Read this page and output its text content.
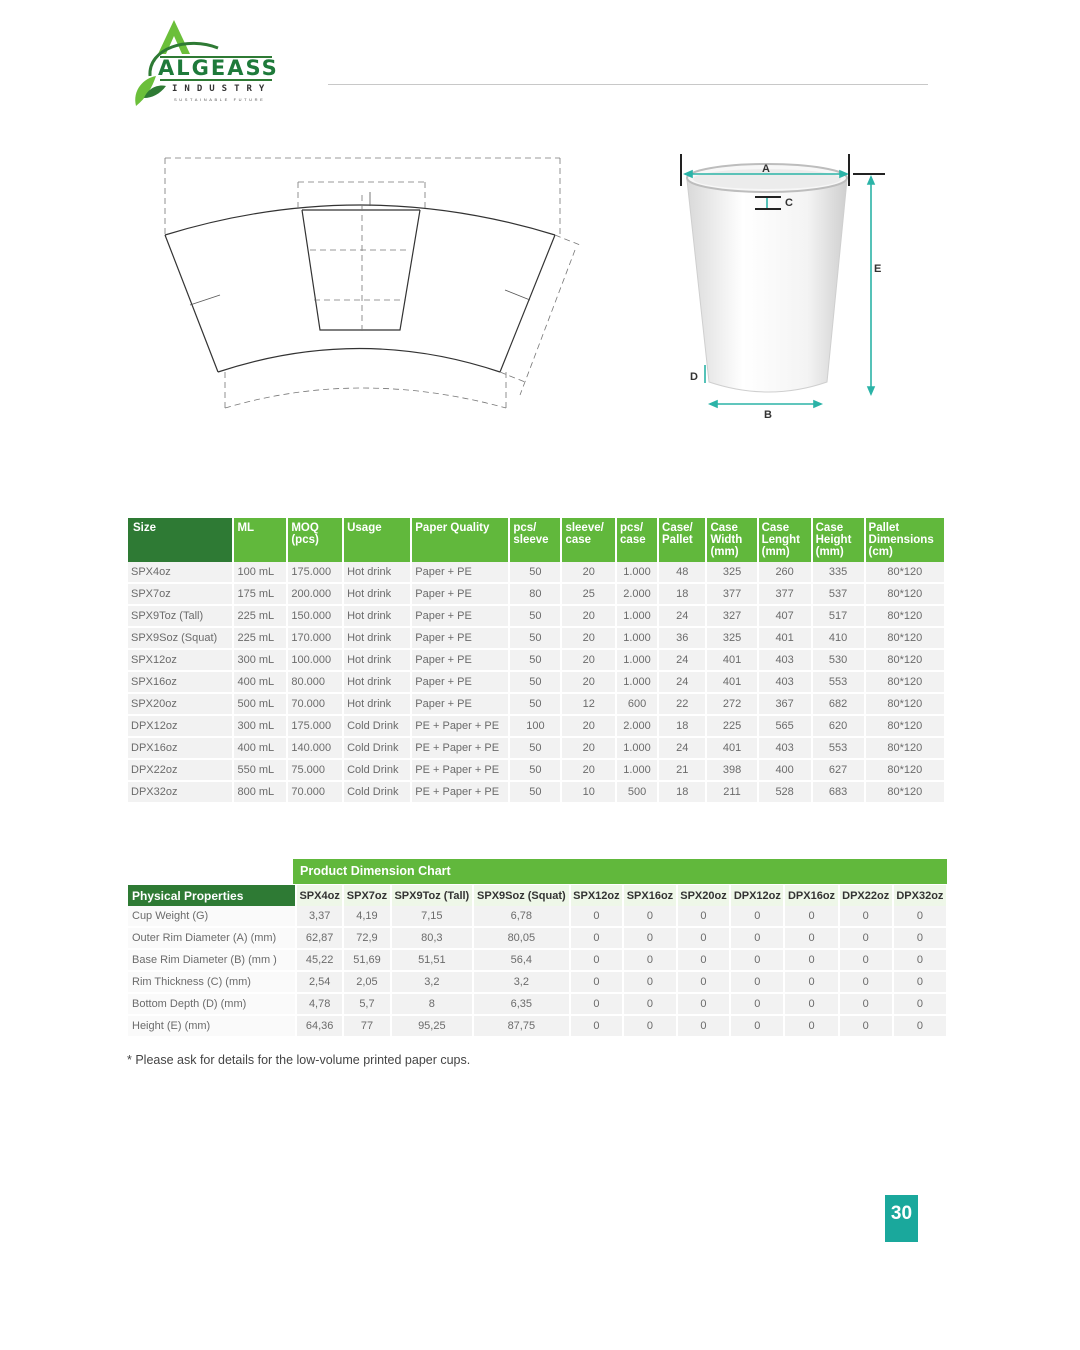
ALGEASS
INDUSTRY
SUSTAINABLE FUTURE
A
C
E
D
B
Size	ML	MOQ (pcs)	Usage	Paper Quality	pcs/ sleeve	sleeve/ case	pcs/ case	Case/ Pallet	Case Width (mm)	Case Lenght (mm)	Case Height (mm)	Pallet Dimensions (cm)
SPX4oz	100 mL	175.000	Hot drink	Paper + PE	50	20	1.000	48	325	260	335	80*120
SPX7oz	175 mL	200.000	Hot drink	Paper + PE	80	25	2.000	18	377	377	537	80*120
SPX9Toz (Tall)	225 mL	150.000	Hot drink	Paper + PE	50	20	1.000	24	327	407	517	80*120
SPX9Soz (Squat)	225 mL	170.000	Hot drink	Paper + PE	50	20	1.000	36	325	401	410	80*120
SPX12oz	300 mL	100.000	Hot drink	Paper + PE	50	20	1.000	24	401	403	530	80*120
SPX16oz	400 mL	80.000	Hot drink	Paper + PE	50	20	1.000	24	401	403	553	80*120
SPX20oz	500 mL	70.000	Hot drink	Paper + PE	50	12	600	22	272	367	682	80*120
DPX12oz	300 mL	175.000	Cold Drink	PE + Paper + PE	100	20	2.000	18	225	565	620	80*120
DPX16oz	400 mL	140.000	Cold Drink	PE + Paper + PE	50	20	1.000	24	401	403	553	80*120
DPX22oz	550 mL	75.000	Cold Drink	PE + Paper + PE	50	20	1.000	21	398	400	627	80*120
DPX32oz	800 mL	70.000	Cold Drink	PE + Paper + PE	50	10	500	18	211	528	683	80*120
Product Dimension Chart
Physical Properties	SPX4oz	SPX7oz	SPX9Toz (Tall)	SPX9Soz (Squat)	SPX12oz	SPX16oz	SPX20oz	DPX12oz	DPX16oz	DPX22oz	DPX32oz
Cup Weight (G)	3,37	4,19	7,15	6,78	0	0	0	0	0	0	0
Outer Rim Diameter (A) (mm)	62,87	72,9	80,3	80,05	0	0	0	0	0	0	0
Base Rim Diameter (B) (mm )	45,22	51,69	51,51	56,4	0	0	0	0	0	0	0
Rim Thickness (C) (mm)	2,54	2,05	3,2	3,2	0	0	0	0	0	0	0
Bottom Depth (D) (mm)	4,78	5,7	8	6,35	0	0	0	0	0	0	0
Height (E) (mm)	64,36	77	95,25	87,75	0	0	0	0	0	0	0
* Please ask for details for the low-volume printed paper cups.
30
